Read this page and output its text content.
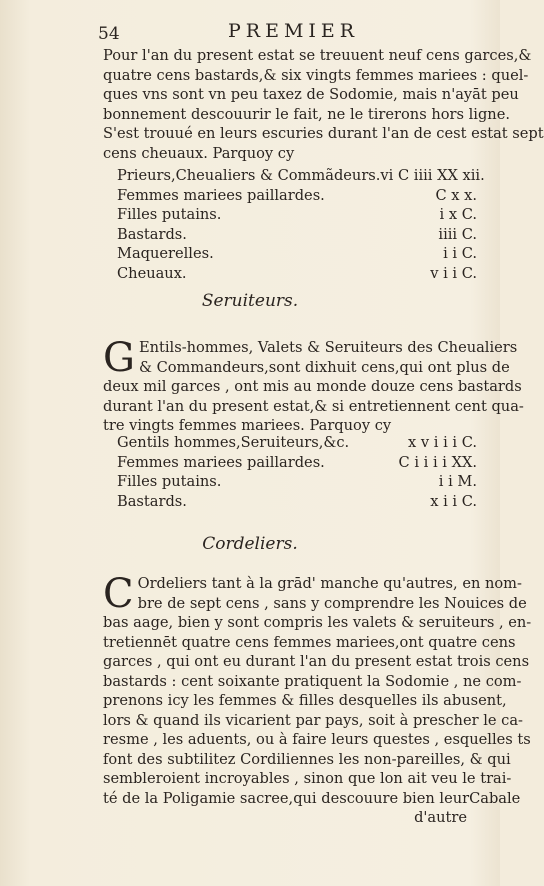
54	PREMIER
Pour l'an du present estat se treuuent neuf cens garces,&
quatre cens bastards,& six vingts femmes mariees : quel-
ques vns sont vn peu taxez de Sodomie, mais n'ayāt peu
bonnement descouurir le fait, ne le tirerons hors ligne.
S'est trouué en leurs escuries durant l'an de cest estat sept
cens cheuaux. Parquoy cy
Prieurs,Cheualiers & Commãdeurs. vi C iiii XX xii.
Femmes mariees paillardes.	C x x.
Filles putains.	i x C.
Bastards.	iiii C.
Maquerelles.	i i C.
Cheuaux.	v i i C.
Seruiteurs.
G Entils-hommes, Valets & Seruiteurs des Cheualiers
& Commandeurs,sont dixhuit cens,qui ont plus de
deux mil garces , ont mis au monde douze cens bastards
durant l'an du present estat,& si entretiennent cent qua-
tre vingts femmes mariees. Parquoy cy
Gentils hommes,Seruiteurs,&c.	x v i i i C.
Femmes mariees paillardes.	C i i i i XX.
Filles putains.	i i M.
Bastards.	x i i C.
Cordeliers.
C Ordeliers tant à la grād' manche qu'autres, en nom-
bre de sept cens , sans y comprendre les Nouices de
bas aage, bien y sont compris les valets & seruiteurs , en-
tretiennēt quatre cens femmes mariees,ont quatre cens
garces , qui ont eu durant l'an du present estat trois cens
bastards : cent soixante pratiquent la Sodomie , ne com-
prenons icy les femmes & filles desquelles ils abusent,
lors & quand ils vicarient par pays, soit à prescher le ca-
resme , les aduents, ou à faire leurs questes , esquelles ts
font des subtilitez Cordiliennes les non-pareilles, & qui
sembleroient incroyables , sinon que lon ait veu le trai-
té de la Poligamie sacree,qui descouure bien leurCabale
d'autre
